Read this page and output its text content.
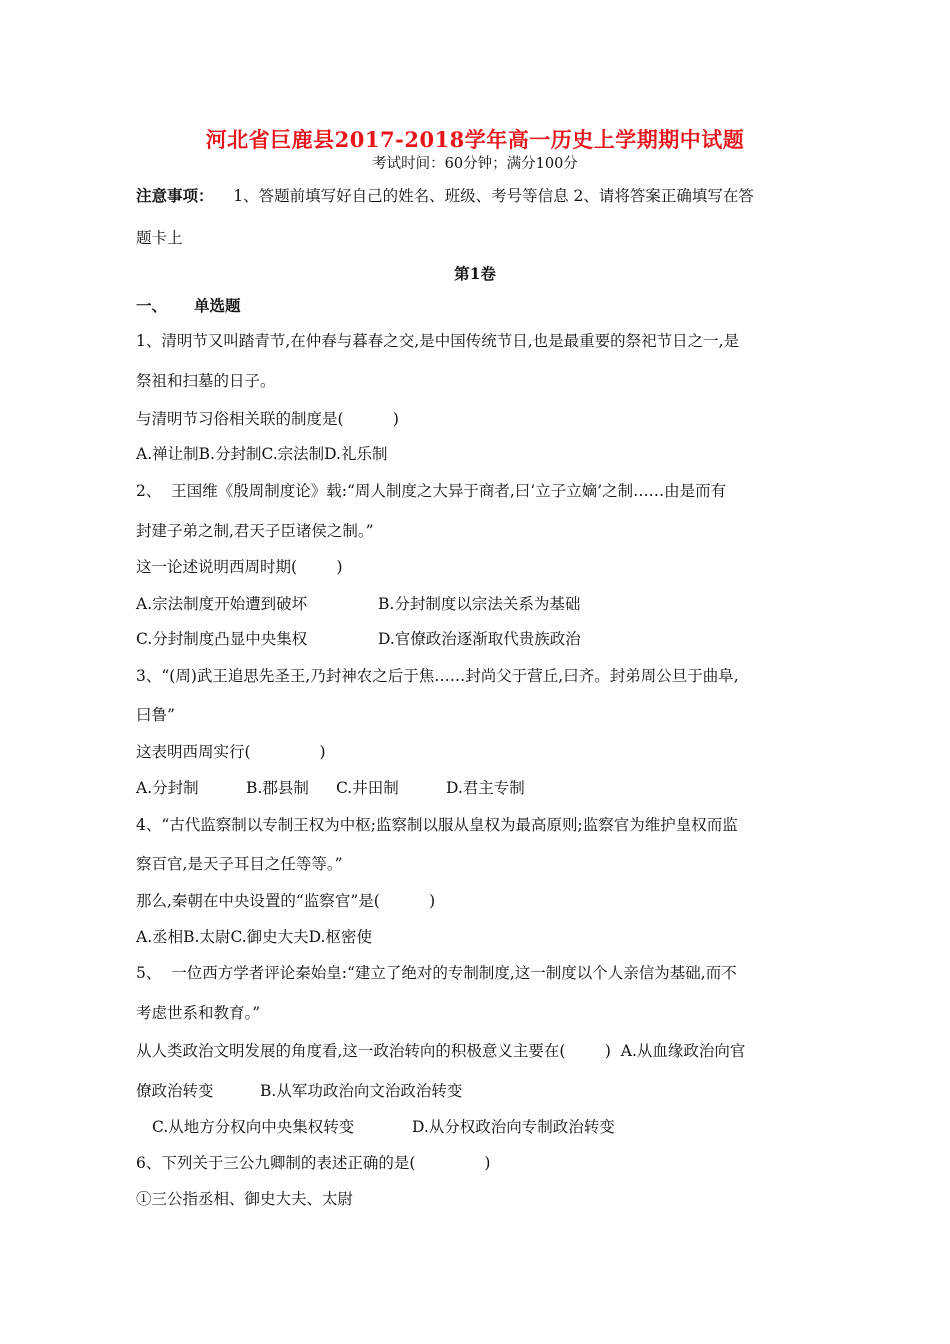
河北省巨鹿县2017-2018学年高一历史上学期期中试题
考试时间：60分钟；满分100分
注意事项： 1、答题前填写好自己的姓名、班级、考号等信息 2、请将答案正确填写在答
题卡上
第1卷
一、 单选题
1、清明节又叫踏青节,在仲春与暮春之交,是中国传统节日,也是最重要的祭祀节日之一,是
祭祖和扫墓的日子。
与清明节习俗相关联的制度是(          )
A.禅让制B.分封制C.宗法制D.礼乐制
2、  王国维《殷周制度论》载:“周人制度之大异于商者,曰‘立子立嫡’之制……由是而有
封建子弟之制,君天子臣诸侯之制。”
这一论述说明西周时期(        )
A.宗法制度开始遭到破坏	B.分封制度以宗法关系为基础
C.分封制度凸显中央集权	D.官僚政治逐渐取代贵族政治
3、“(周)武王追思先圣王,乃封神农之后于焦……封尚父于营丘,曰齐。封弟周公旦于曲阜,
曰鲁”
这表明西周实行(              )
A.分封制	B.郡县制 C.井田制	D.君主专制
4、“古代监察制以专制王权为中枢;监察制以服从皇权为最高原则;监察官为维护皇权而监
察百官,是天子耳目之任等等。”
那么,秦朝在中央设置的“监察官”是(          )
A.丞相B.太尉C.御史大夫D.枢密使
5、  一位西方学者评论秦始皇:“建立了绝对的专制制度,这一制度以个人亲信为基础,而不
考虑世系和教育。”
从人类政治文明发展的角度看,这一政治转向的积极意义主要在(        )  A.从血缘政治向官
僚政治转变	B.从军功政治向文治政治转变
C.从地方分权向中央集权转变	D.从分权政治向专制政治转变
6、下列关于三公九卿制的表述正确的是(              )
①三公指丞相、御史大夫、太尉
